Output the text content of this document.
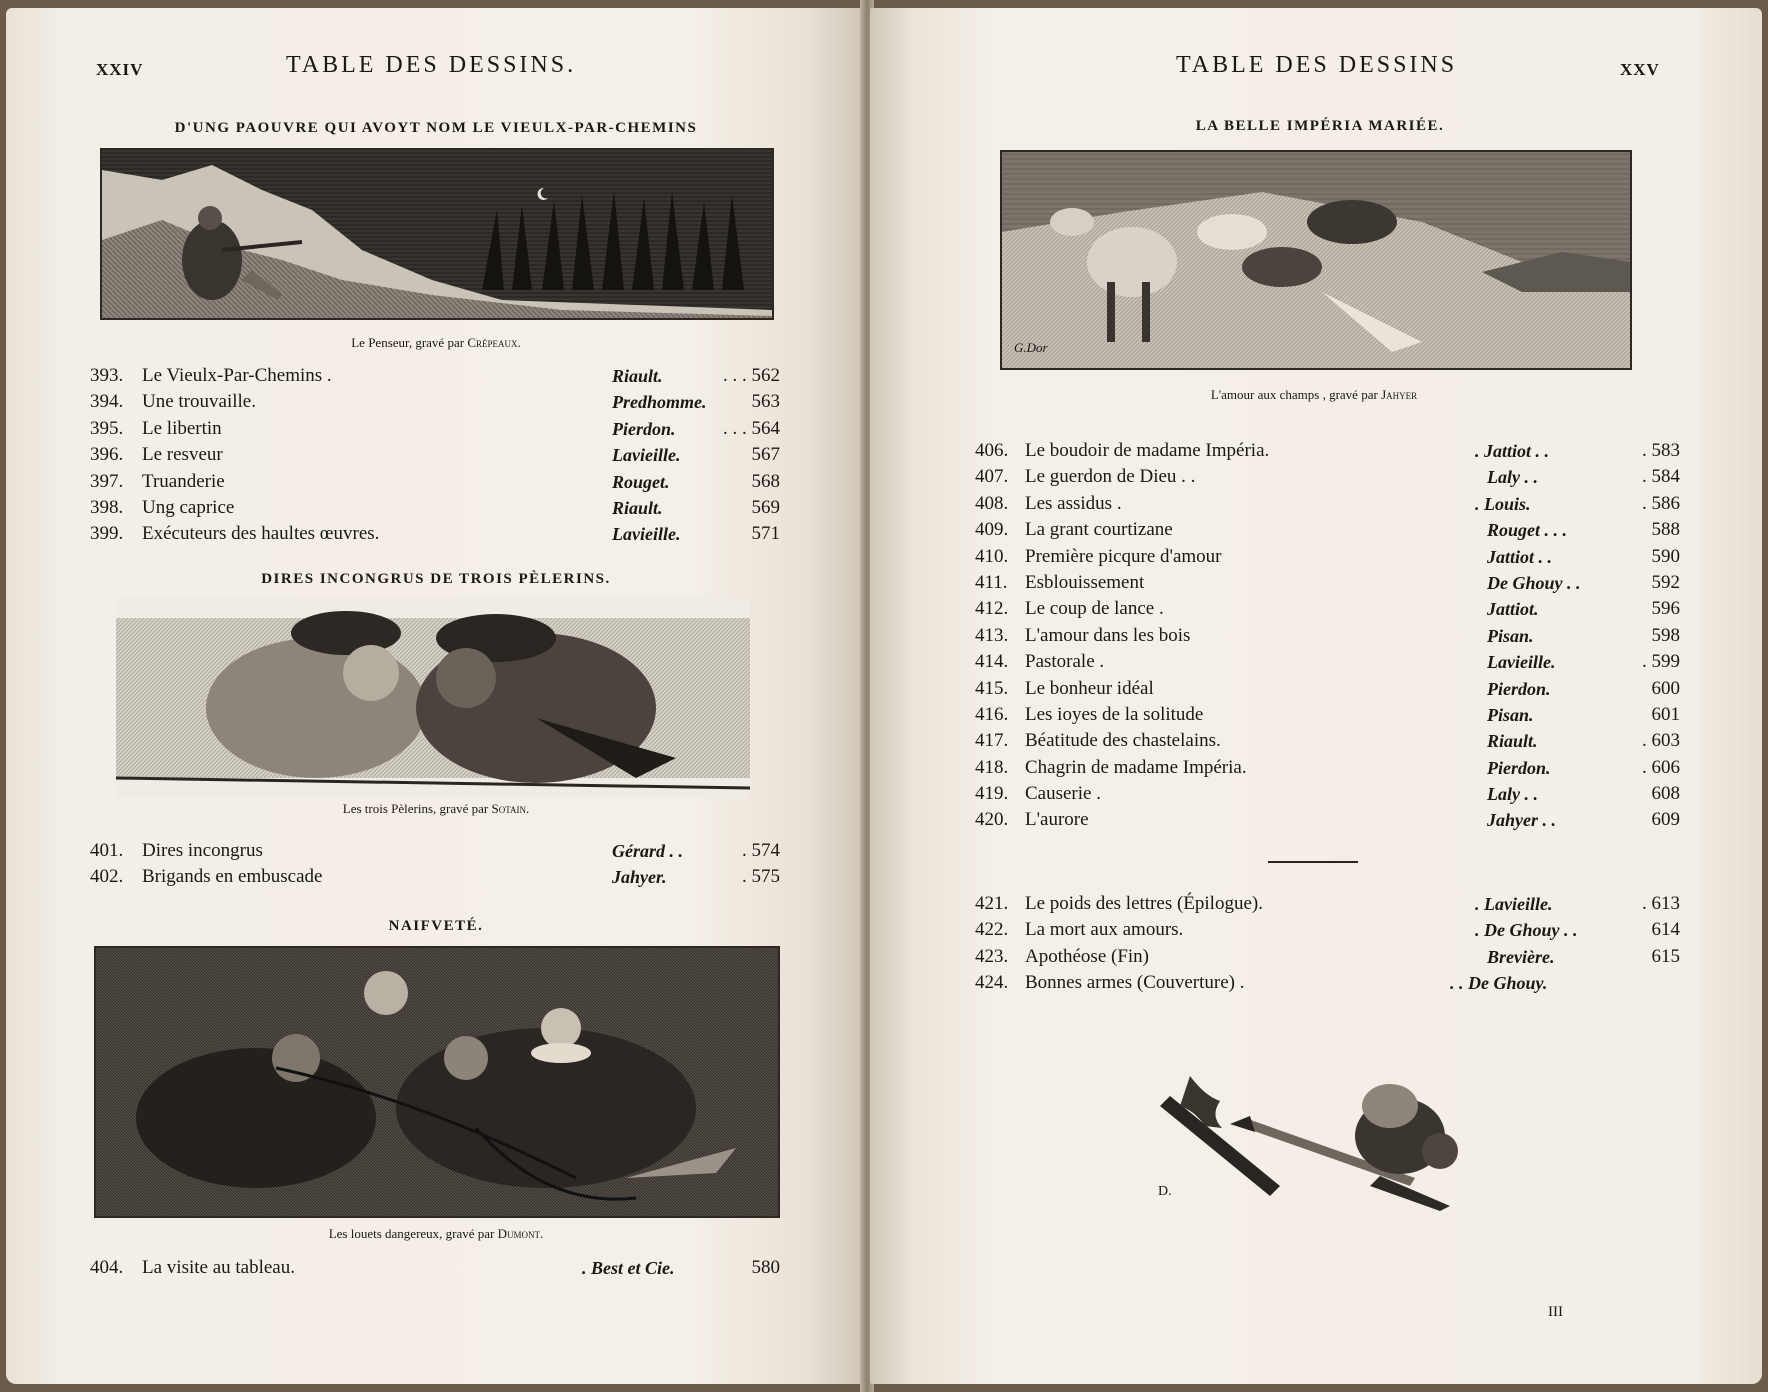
XXIV	TABLE DES DESSINS.
D'UNG PAOUVRE QUI AVOYT NOM LE VIEULX-PAR-CHEMINS
Le Penseur, gravé par Crépeaux.
393. Le Vieulx-Par-Chemins .	Riault.	. . . 562
394. Une trouvaille.	Predhomme.	563
395. Le libertin	Pierdon.	. . . 564
396. Le resveur	Lavieille.	567
397. Truanderie	Rouget.	568
398. Ung caprice	Riault.	569
399. Exécuteurs des haultes œuvres.	Lavieille.	571
DIRES INCONGRUS DE TROIS PÈLERINS.
Les trois Pèlerins, gravé par Sotain.
401. Dires incongrus	Gérard . .	. 574
402. Brigands en embuscade	Jahyer.	. 575
NAIFVETÉ.
Les louets dangereux, gravé par Dumont.
404. La visite au tableau.	. Best et Cie.	580
TABLE DES DESSINS	XXV
LA BELLE IMPÉRIA MARIÉE.
G.Dor
L'amour aux champs , gravé par Jahyer
406. Le boudoir de madame Impéria.	. Jattiot . .	. 583
407. Le guerdon de Dieu . .	Laly . .	. 584
408. Les assidus .	. Louis.	. 586
409. La grant courtizane	Rouget . . .	588
410. Première picqure d'amour	Jattiot . .	590
411. Esblouissement	De Ghouy . .	592
412. Le coup de lance .	Jattiot.	596
413. L'amour dans les bois	Pisan.	598
414. Pastorale .	Lavieille.	. 599
415. Le bonheur idéal	Pierdon.	600
416. Les ioyes de la solitude	Pisan.	601
417. Béatitude des chastelains.	Riault.	. 603
418. Chagrin de madame Impéria.	Pierdon.	. 606
419. Causerie .	Laly . .	608
420. L'aurore	Jahyer . .	609
421. Le poids des lettres (Épilogue).	. Lavieille.	. 613
422. La mort aux amours.	. De Ghouy . .	614
423. Apothéose (Fin)	Brevière.	615
424. Bonnes armes (Couverture) .	. . De Ghouy.
D.
III
